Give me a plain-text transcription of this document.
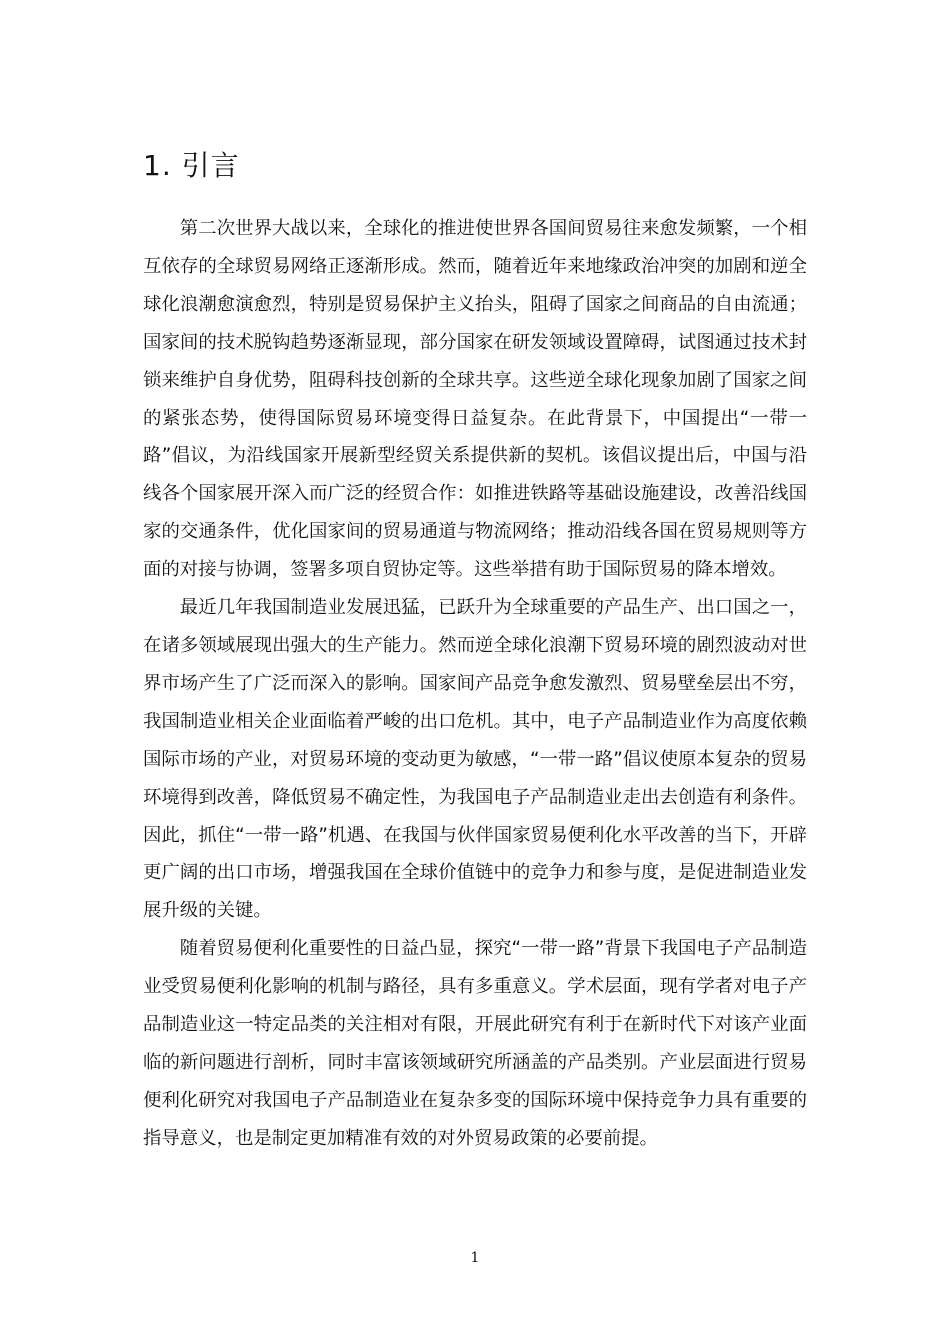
1. 引言

第二次世界大战以来，全球化的推进使世界各国间贸易往来愈发频繁，一个相互依存的全球贸易网络正逐渐形成。然而，随着近年来地缘政治冲突的加剧和逆全球化浪潮愈演愈烈，特别是贸易保护主义抬头，阻碍了国家之间商品的自由流通；国家间的技术脱钩趋势逐渐显现，部分国家在研发领域设置障碍，试图通过技术封锁来维护自身优势，阻碍科技创新的全球共享。这些逆全球化现象加剧了国家之间的紧张态势，使得国际贸易环境变得日益复杂。在此背景下，中国提出“一带一路”倡议，为沿线国家开展新型经贸关系提供新的契机。该倡议提出后，中国与沿线各个国家展开深入而广泛的经贸合作：如推进铁路等基础设施建设，改善沿线国家的交通条件，优化国家间的贸易通道与物流网络；推动沿线各国在贸易规则等方面的对接与协调，签署多项自贸协定等。这些举措有助于国际贸易的降本增效。

最近几年我国制造业发展迅猛，已跃升为全球重要的产品生产、出口国之一，在诸多领域展现出强大的生产能力。然而逆全球化浪潮下贸易环境的剧烈波动对世界市场产生了广泛而深入的影响。国家间产品竞争愈发激烈、贸易壁垒层出不穷，我国制造业相关企业面临着严峻的出口危机。其中，电子产品制造业作为高度依赖国际市场的产业，对贸易环境的变动更为敏感，“一带一路”倡议使原本复杂的贸易环境得到改善，降低贸易不确定性，为我国电子产品制造业走出去创造有利条件。因此，抓住“一带一路”机遇、在我国与伙伴国家贸易便利化水平改善的当下，开辟更广阔的出口市场，增强我国在全球价值链中的竞争力和参与度，是促进制造业发展升级的关键。

随着贸易便利化重要性的日益凸显，探究“一带一路”背景下我国电子产品制造业受贸易便利化影响的机制与路径，具有多重意义。学术层面，现有学者对电子产品制造业这一特定品类的关注相对有限，开展此研究有利于在新时代下对该产业面临的新问题进行剖析，同时丰富该领域研究所涵盖的产品类别。产业层面进行贸易便利化研究对我国电子产品制造业在复杂多变的国际环境中保持竞争力具有重要的指导意义，也是制定更加精准有效的对外贸易政策的必要前提。

1
